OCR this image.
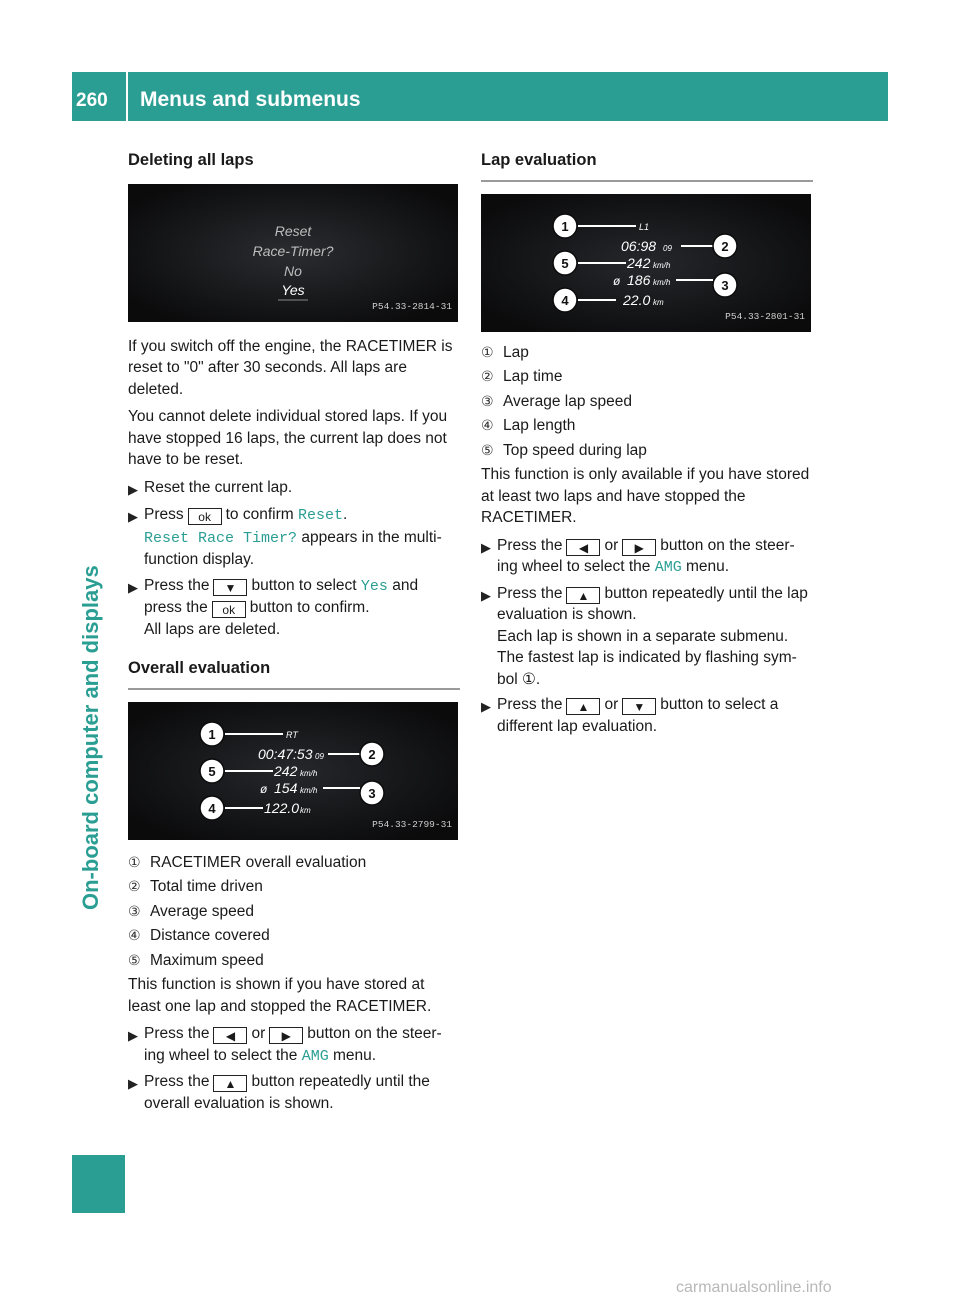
260	Menus and submenus
On-board computer and displays
Deleting all laps
Reset
Race-Timer?
No
Yes
P54.33-2814-31

If you switch off the engine, the RACETIMER is reset to "0" after 30 seconds. All laps are deleted.

You cannot delete individual stored laps. If you have stopped 16 laps, the current lap does not have to be reset.

▶ Reset the current lap.
▶ Press ok to confirm Reset.
Reset Race Timer? appears in the multi-function display.
▶ Press the ▼ button to select Yes and press the ok button to confirm.
All laps are deleted.
Overall evaluation
1
2
5
3
4
RT
00:47:53 09
242 km/h
ø 154 km/h
122.0 km
P54.33-2799-31
① RACETIMER overall evaluation
② Total time driven
③ Average speed
④ Distance covered
⑤ Maximum speed

This function is shown if you have stored at least one lap and stopped the RACETIMER.

▶ Press the ◀ or ▶ button on the steer-ing wheel to select the AMG menu.
▶ Press the ▲ button repeatedly until the overall evaluation is shown.
Lap evaluation
1
2
5
3
4
L1
06:98 09
242 km/h
ø 186 km/h
22.0 km
P54.33-2801-31
① Lap
② Lap time
③ Average lap speed
④ Lap length
⑤ Top speed during lap

This function is only available if you have stored at least two laps and have stopped the RACETIMER.

▶ Press the ◀ or ▶ button on the steer-ing wheel to select the AMG menu.
▶ Press the ▲ button repeatedly until the lap evaluation is shown.
Each lap is shown in a separate submenu.
The fastest lap is indicated by flashing sym-bol ①.
▶ Press the ▲ or ▼ button to select a different lap evaluation.
carmanualsonline.info
